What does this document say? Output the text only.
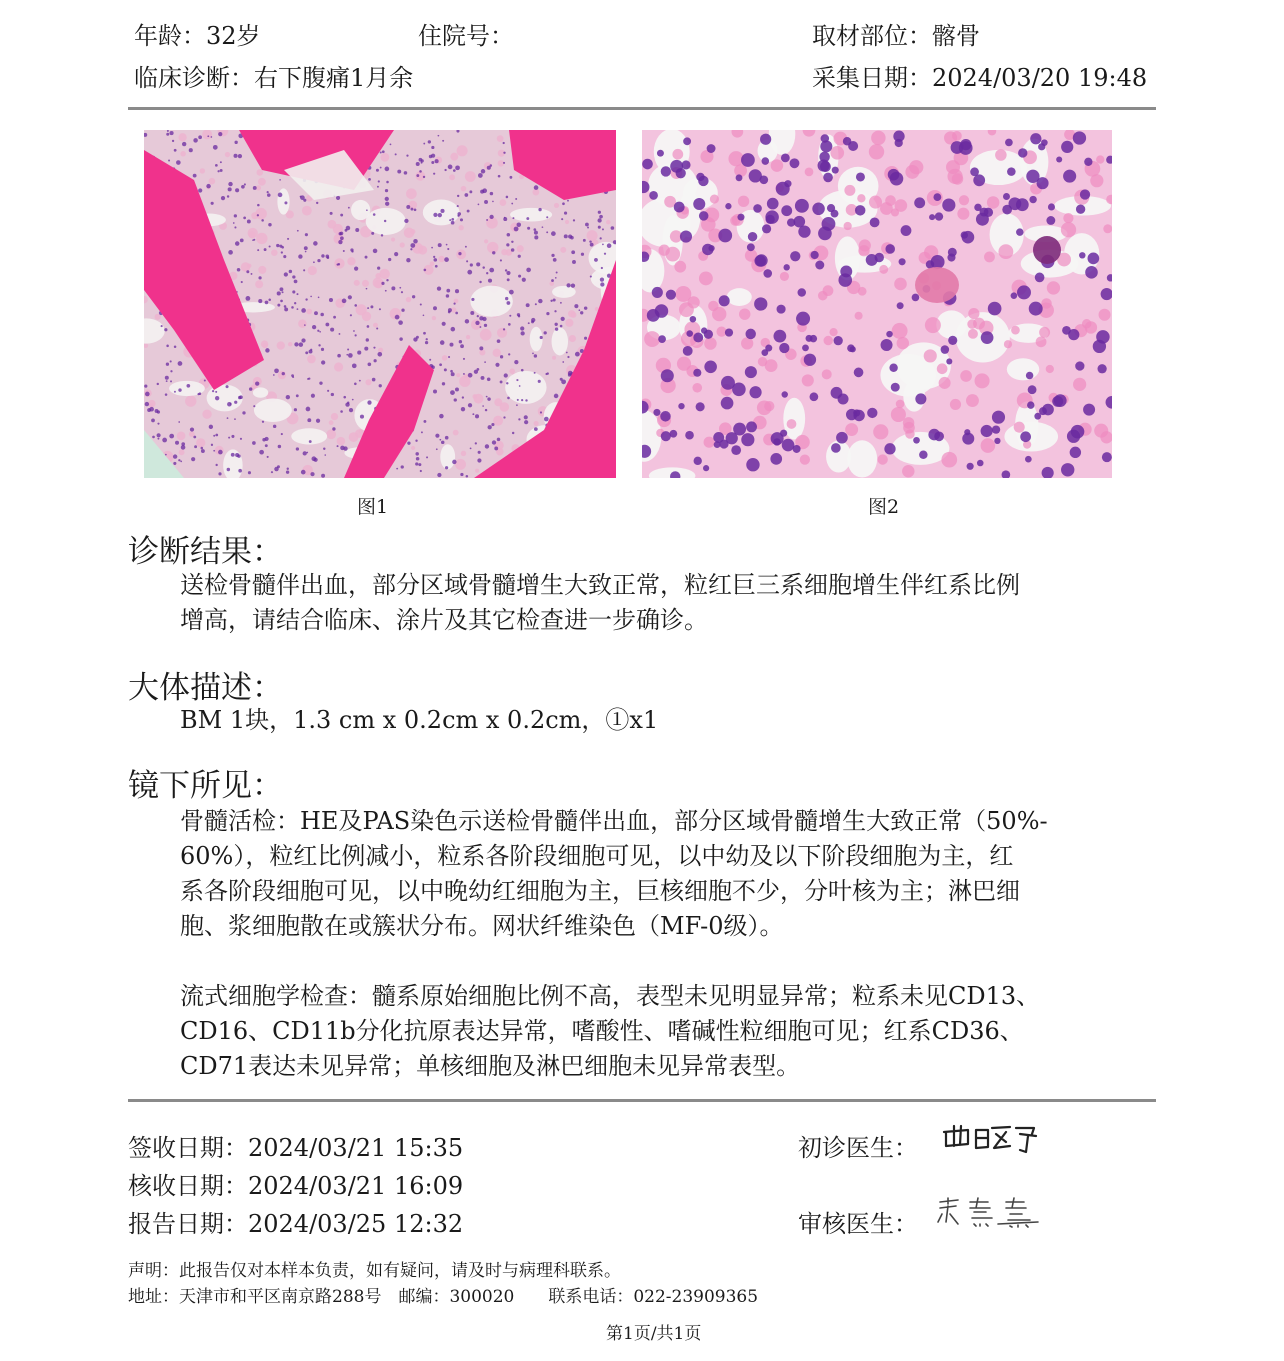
年龄：32岁	住院号：	取材部位：髂骨
临床诊断：右下腹痛1月余	采集日期：2024/03/20 19:48
图1	图2
诊断结果：
送检骨髓伴出血，部分区域骨髓增生大致正常，粒红巨三系细胞增生伴红系比例
增高，请结合临床、涂片及其它检查进一步确诊。
大体描述：
BM 1块，1.3 cm x 0.2cm x 0.2cm，①x1
镜下所见：
骨髓活检：HE及PAS染色示送检骨髓伴出血，部分区域骨髓增生大致正常（50%-
60%），粒红比例减小，粒系各阶段细胞可见，以中幼及以下阶段细胞为主，红
系各阶段细胞可见，以中晚幼红细胞为主，巨核细胞不少，分叶核为主；淋巴细
胞、浆细胞散在或簇状分布。网状纤维染色（MF-0级）。
流式细胞学检查：髓系原始细胞比例不高，表型未见明显异常；粒系未见CD13、
CD16、CD11b分化抗原表达异常，嗜酸性、嗜碱性粒细胞可见；红系CD36、
CD71表达未见异常；单核细胞及淋巴细胞未见异常表型。
签收日期：2024/03/21 15:35
核收日期：2024/03/21 16:09
报告日期：2024/03/25 12:32
初诊医生：
审核医生：
声明：此报告仅对本样本负责，如有疑问，请及时与病理科联系。
地址：天津市和平区南京路288号　邮编：300020　　联系电话：022-23909365
第1页/共1页
